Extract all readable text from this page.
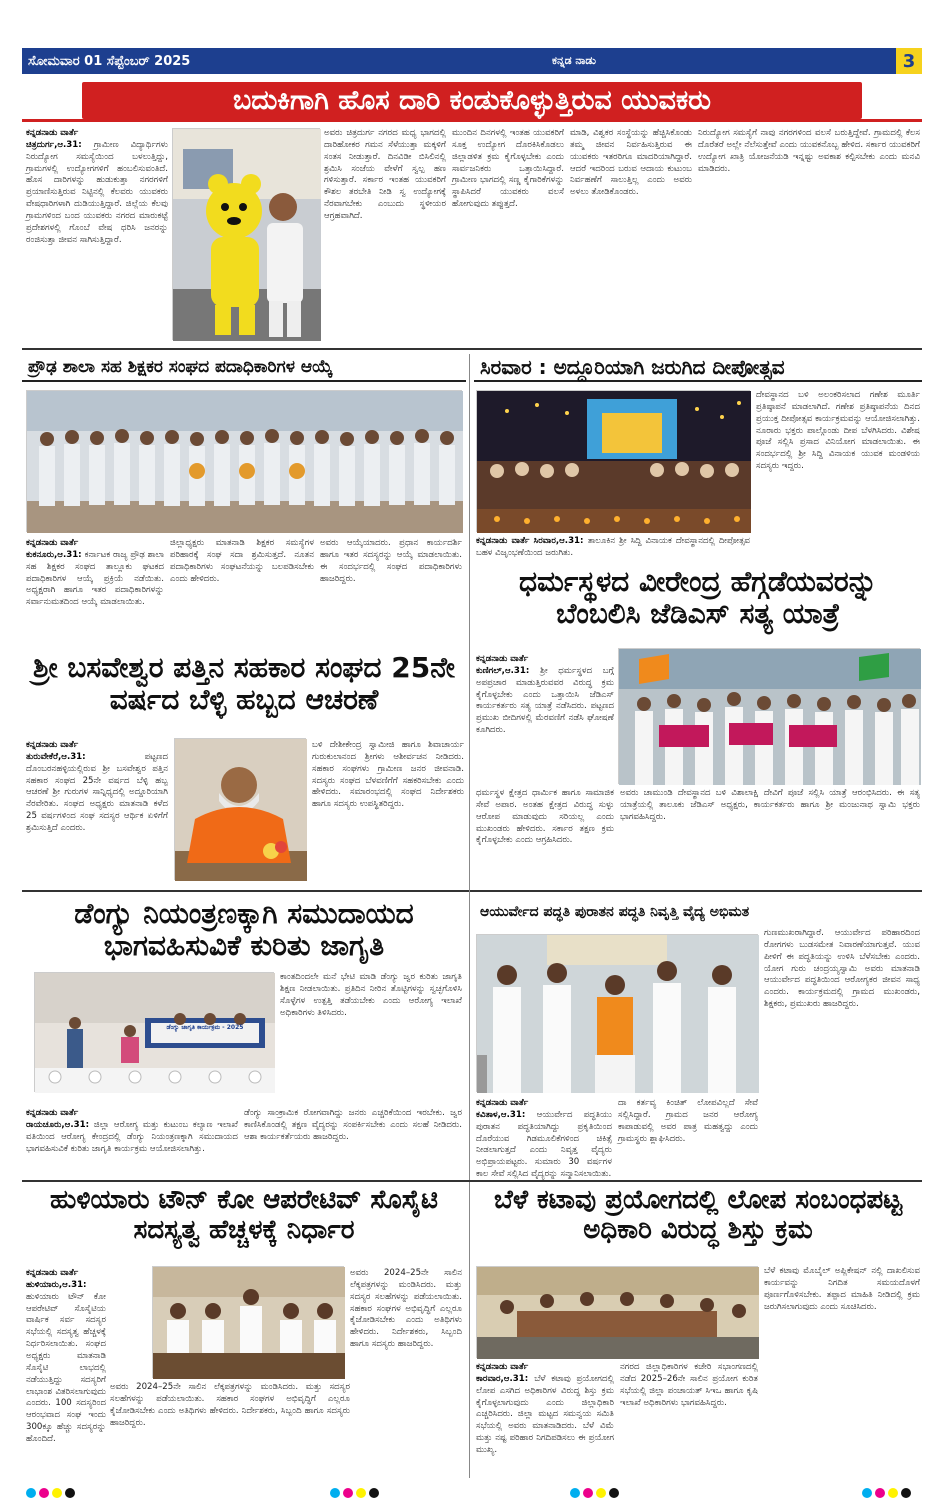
ಸೋಮವಾರ 01 ಸೆಪ್ಟೆಂಬರ್ 2025	ಕನ್ನಡ ನಾಡು	3
ಬದುಕಿಗಾಗಿ ಹೊಸ ದಾರಿ ಕಂಡುಕೊಳ್ಳುತ್ತಿರುವ ಯುವಕರು
ಕನ್ನಡನಾಡು ವಾರ್ತೆ
ಚಿತ್ರದುರ್ಗ,ಆ.31: ಗ್ರಾಮೀಣ ವಿದ್ಯಾರ್ಥಿಗಳು ನಿರುದ್ಯೋಗ ಸಮಸ್ಯೆಯಿಂದ ಬಳಲುತ್ತಿದ್ದು, ಗ್ರಾಮಗಳಲ್ಲಿ ಉದ್ಯೋಗಗಳಿಗೆ ಹಂಬಲಿಸುವಂತಿದೆ. ಹೊಸ ದಾರಿಗಳನ್ನು ಹುಡುಕುತ್ತಾ ನಗರಗಳಿಗೆ ಪ್ರಯಾಣಿಸುತ್ತಿರುವ ನಿಟ್ಟಿನಲ್ಲಿ ಕೆಲವರು ಯುವಕರು ವೇಷಧಾರಿಗಳಾಗಿ ದುಡಿಯುತ್ತಿದ್ದಾರೆ. ಜಿಲ್ಲೆಯ ಕೆಲವು ಗ್ರಾಮಗಳಿಂದ ಬಂದ ಯುವಕರು ನಗರದ ಮಾರುಕಟ್ಟೆ ಪ್ರದೇಶಗಳಲ್ಲಿ ಗೊಂಬೆ ವೇಷ ಧರಿಸಿ ಜನರನ್ನು ರಂಜಿಸುತ್ತಾ ಜೀವನ ಸಾಗಿಸುತ್ತಿದ್ದಾರೆ.
ಅವರು ಚಿತ್ರದುರ್ಗ ನಗರದ ಮಧ್ಯ ಭಾಗದಲ್ಲಿ ದಾರಿಹೋಕರ ಗಮನ ಸೆಳೆಯುತ್ತಾ ಮಕ್ಕಳಿಗೆ ಸಂತಸ ನೀಡುತ್ತಾರೆ. ದಿನವಿಡೀ ಬಿಸಿಲಿನಲ್ಲಿ ಶ್ರಮಿಸಿ ಸಂಜೆಯ ವೇಳೆಗೆ ಸ್ವಲ್ಪ ಹಣ ಗಳಿಸುತ್ತಾರೆ. ಸರ್ಕಾರ ಇಂತಹ ಯುವಕರಿಗೆ ಕೌಶಲ ತರಬೇತಿ ನೀಡಿ ಸ್ವ ಉದ್ಯೋಗಕ್ಕೆ ನೆರವಾಗಬೇಕು ಎಂಬುದು ಸ್ಥಳೀಯರ ಆಗ್ರಹವಾಗಿದೆ.
ಮುಂದಿನ ದಿನಗಳಲ್ಲಿ ಇಂತಹ ಯುವಕರಿಗೆ ಸೂಕ್ತ ಉದ್ಯೋಗ ದೊರಕಿಸಿಕೊಡಲು ಜಿಲ್ಲಾಡಳಿತ ಕ್ರಮ ಕೈಗೊಳ್ಳಬೇಕು ಎಂದು ಸಾರ್ವಜನಿಕರು ಒತ್ತಾಯಿಸಿದ್ದಾರೆ. ಗ್ರಾಮೀಣ ಭಾಗದಲ್ಲಿ ಸಣ್ಣ ಕೈಗಾರಿಕೆಗಳನ್ನು ಸ್ಥಾಪಿಸಿದರೆ ಯುವಕರು ವಲಸೆ ಹೋಗುವುದು ತಪ್ಪುತ್ತದೆ.
ಮಾಡಿ, ವಿಶ್ವಕರ ಸಂಸ್ಥೆಯನ್ನು ಹೆಚ್ಚಿಸಿಕೊಂಡು ತಮ್ಮ ಜೀವನ ನಿರ್ವಹಿಸುತ್ತಿರುವ ಈ ಯುವಕರು ಇತರರಿಗೂ ಮಾದರಿಯಾಗಿದ್ದಾರೆ. ಆದರೆ ಇದರಿಂದ ಬರುವ ಆದಾಯ ಕುಟುಂಬ ನಿರ್ವಹಣೆಗೆ ಸಾಲುತ್ತಿಲ್ಲ ಎಂದು ಅವರು ಅಳಲು ತೋಡಿಕೊಂಡರು.
ನಿರುದ್ಯೋಗ ಸಮಸ್ಯೆಗೆ ನಾವು ನಗರಗಳಿಂದ ವಲಸೆ ಬರುತ್ತಿದ್ದೇವೆ. ಗ್ರಾಮದಲ್ಲಿ ಕೆಲಸ ದೊರೆತರೆ ಅಲ್ಲೇ ನೆಲೆಸುತ್ತೇವೆ ಎಂದು ಯುವಕನೊಬ್ಬ ಹೇಳಿದ. ಸರ್ಕಾರ ಯುವಕರಿಗೆ ಉದ್ಯೋಗ ಖಾತ್ರಿ ಯೋಜನೆಯಡಿ ಇನ್ನಷ್ಟು ಅವಕಾಶ ಕಲ್ಪಿಸಬೇಕು ಎಂದು ಮನವಿ ಮಾಡಿದರು.
ಪ್ರೌಢ ಶಾಲಾ ಸಹ ಶಿಕ್ಷಕರ ಸಂಘದ ಪದಾಧಿಕಾರಿಗಳ ಆಯ್ಕೆ
ಕನ್ನಡನಾಡು ವಾರ್ತೆ
ಕುಕನೂರು,ಆ.31: ಕರ್ನಾಟಕ ರಾಜ್ಯ ಪ್ರೌಢ ಶಾಲಾ ಸಹ ಶಿಕ್ಷಕರ ಸಂಘದ ತಾಲ್ಲೂಕು ಘಟಕದ ಪದಾಧಿಕಾರಿಗಳ ಆಯ್ಕೆ ಪ್ರಕ್ರಿಯೆ ನಡೆಯಿತು. ಅಧ್ಯಕ್ಷರಾಗಿ ಹಾಗೂ ಇತರ ಪದಾಧಿಕಾರಿಗಳನ್ನು ಸರ್ವಾನುಮತದಿಂದ ಆಯ್ಕೆ ಮಾಡಲಾಯಿತು.
ಜಿಲ್ಲಾಧ್ಯಕ್ಷರು ಮಾತನಾಡಿ ಶಿಕ್ಷಕರ ಸಮಸ್ಯೆಗಳ ಪರಿಹಾರಕ್ಕೆ ಸಂಘ ಸದಾ ಶ್ರಮಿಸುತ್ತದೆ. ನೂತನ ಪದಾಧಿಕಾರಿಗಳು ಸಂಘಟನೆಯನ್ನು ಬಲಪಡಿಸಬೇಕು ಎಂದು ಹೇಳಿದರು.
ಅವರು ಆಯ್ಕೆಯಾದರು. ಪ್ರಧಾನ ಕಾರ್ಯದರ್ಶಿ ಹಾಗೂ ಇತರ ಸದಸ್ಯರನ್ನು ಆಯ್ಕೆ ಮಾಡಲಾಯಿತು. ಈ ಸಂದರ್ಭದಲ್ಲಿ ಸಂಘದ ಪದಾಧಿಕಾರಿಗಳು ಹಾಜರಿದ್ದರು.
ಸಿರವಾರ : ಅದ್ದೂರಿಯಾಗಿ ಜರುಗಿದ ದೀಪೋತ್ಸವ
ದೇವಸ್ಥಾನದ ಬಳಿ ಅಲಂಕರಿಸಲಾದ ಗಣೇಶ ಮೂರ್ತಿ ಪ್ರತಿಷ್ಠಾಪನೆ ಮಾಡಲಾಗಿದೆ. ಗಣೇಶ ಪ್ರತಿಷ್ಠಾಪನೆಯ ದಿನದ ಪ್ರಯುಕ್ತ ದೀಪೋತ್ಸವ ಕಾರ್ಯಕ್ರಮವನ್ನು ಆಯೋಜಿಸಲಾಗಿತ್ತು. ನೂರಾರು ಭಕ್ತರು ಪಾಲ್ಗೊಂಡು ದೀಪ ಬೆಳಗಿಸಿದರು. ವಿಶೇಷ ಪೂಜೆ ಸಲ್ಲಿಸಿ ಪ್ರಸಾದ ವಿನಿಯೋಗ ಮಾಡಲಾಯಿತು. ಈ ಸಂದರ್ಭದಲ್ಲಿ ಶ್ರೀ ಸಿದ್ದಿ ವಿನಾಯಕ ಯುವಕ ಮಂಡಳಿಯ ಸದಸ್ಯರು ಇದ್ದರು.
ಕನ್ನಡನಾಡು ವಾರ್ತೆ ಸಿರವಾರ,ಆ.31: ತಾಲೂಕಿನ ಶ್ರೀ ಸಿದ್ದಿ ವಿನಾಯಕ ದೇವಸ್ಥಾನದಲ್ಲಿ ದೀಪೋತ್ಸವ ಬಹಳ ವಿಜೃಂಭಣೆಯಿಂದ ಜರುಗಿತು.
ಧರ್ಮಸ್ಥಳದ ವೀರೇಂದ್ರ ಹೆಗ್ಗಡೆಯವರನ್ನು ಬೆಂಬಲಿಸಿ ಜೆಡಿಎಸ್ ಸತ್ಯ ಯಾತ್ರೆ
ಕನ್ನಡನಾಡು ವಾರ್ತೆ
ಕುಣಿಗಲ್,ಆ.31: ಶ್ರೀ ಧರ್ಮಸ್ಥಳದ ಬಗ್ಗೆ ಅಪಪ್ರಚಾರ ಮಾಡುತ್ತಿರುವವರ ವಿರುದ್ಧ ಕ್ರಮ ಕೈಗೊಳ್ಳಬೇಕು ಎಂದು ಒತ್ತಾಯಿಸಿ ಜೆಡಿಎಸ್ ಕಾರ್ಯಕರ್ತರು ಸತ್ಯ ಯಾತ್ರೆ ನಡೆಸಿದರು. ಪಟ್ಟಣದ ಪ್ರಮುಖ ಬೀದಿಗಳಲ್ಲಿ ಮೆರವಣಿಗೆ ನಡೆಸಿ ಘೋಷಣೆ ಕೂಗಿದರು.
ಧರ್ಮಸ್ಥಳ ಕ್ಷೇತ್ರದ ಧಾರ್ಮಿಕ ಹಾಗೂ ಸಾಮಾಜಿಕ ಸೇವೆ ಅಪಾರ. ಅಂತಹ ಕ್ಷೇತ್ರದ ವಿರುದ್ಧ ಸುಳ್ಳು ಆರೋಪ ಮಾಡುವುದು ಸರಿಯಲ್ಲ ಎಂದು ಮುಖಂಡರು ಹೇಳಿದರು. ಸರ್ಕಾರ ತಕ್ಷಣ ಕ್ರಮ ಕೈಗೊಳ್ಳಬೇಕು ಎಂದು ಆಗ್ರಹಿಸಿದರು.
ಅವರು ಚಾಮುಂಡಿ ದೇವಸ್ಥಾನದ ಬಳಿ ವಿಶಾಲಾಕ್ಷಿ ದೇವಿಗೆ ಪೂಜೆ ಸಲ್ಲಿಸಿ ಯಾತ್ರೆ ಆರಂಭಿಸಿದರು. ಈ ಸತ್ಯ ಯಾತ್ರೆಯಲ್ಲಿ ತಾಲೂಕು ಜೆಡಿಎಸ್ ಅಧ್ಯಕ್ಷರು, ಕಾರ್ಯಕರ್ತರು ಹಾಗೂ ಶ್ರೀ ಮಂಜುನಾಥ ಸ್ವಾಮಿ ಭಕ್ತರು ಭಾಗವಹಿಸಿದ್ದರು.
ಶ್ರೀ ಬಸವೇಶ್ವರ ಪತ್ತಿನ ಸಹಕಾರ ಸಂಘದ 25ನೇ ವರ್ಷದ ಬೆಳ್ಳಿ ಹಬ್ಬದ ಆಚರಣೆ
ಕನ್ನಡನಾಡು ವಾರ್ತೆ
ತುರುವೇಕೆರೆ,ಆ.31: ಪಟ್ಟಣದ ದೊಂಬರನಹಳ್ಳಿಯಲ್ಲಿರುವ ಶ್ರೀ ಬಸವೇಶ್ವರ ಪತ್ತಿನ ಸಹಕಾರ ಸಂಘದ 25ನೇ ವರ್ಷದ ಬೆಳ್ಳಿ ಹಬ್ಬ ಆಚರಣೆ ಶ್ರೀ ಗುರುಗಳ ಸಾನ್ನಿಧ್ಯದಲ್ಲಿ ಅದ್ದೂರಿಯಾಗಿ ನೆರವೇರಿತು. ಸಂಘದ ಅಧ್ಯಕ್ಷರು ಮಾತನಾಡಿ ಕಳೆದ 25 ವರ್ಷಗಳಿಂದ ಸಂಘ ಸದಸ್ಯರ ಆರ್ಥಿಕ ಏಳಿಗೆಗೆ ಶ್ರಮಿಸುತ್ತಿದೆ ಎಂದರು.
ಬಳಿ ದೇಶೀಕೇಂದ್ರ ಸ್ವಾಮೀಜಿ ಹಾಗೂ ಶಿವಾಚಾರ್ಯ ಗುರುಕುಲಾನಂದ ಶ್ರೀಗಳು ಆಶೀರ್ವಚನ ನೀಡಿದರು. ಸಹಕಾರ ಸಂಘಗಳು ಗ್ರಾಮೀಣ ಜನರ ಜೀವನಾಡಿ. ಸದಸ್ಯರು ಸಂಘದ ಬೆಳವಣಿಗೆಗೆ ಸಹಕರಿಸಬೇಕು ಎಂದು ಹೇಳಿದರು. ಸಮಾರಂಭದಲ್ಲಿ ಸಂಘದ ನಿರ್ದೇಶಕರು ಹಾಗೂ ಸದಸ್ಯರು ಉಪಸ್ಥಿತರಿದ್ದರು.
ಡೆಂಗ್ಯು ನಿಯಂತ್ರಣಕ್ಕಾಗಿ ಸಮುದಾಯದ ಭಾಗವಹಿಸುವಿಕೆ ಕುರಿತು ಜಾಗೃತಿ
ಡೆಂಗ್ಯು ಜಾಗೃತಿ ಕಾರ್ಯಕ್ರಮ - 2025
ಕಾಂತದಿಂದಲೇ ಮನೆ ಭೇಟಿ ಮಾಡಿ ಡೆಂಗ್ಯು ಜ್ವರ ಕುರಿತು ಜಾಗೃತಿ ಶಿಕ್ಷಣ ನೀಡಲಾಯಿತು. ಪ್ರತಿದಿನ ನೀರಿನ ತೊಟ್ಟಿಗಳನ್ನು ಸ್ವಚ್ಛಗೊಳಿಸಿ ಸೊಳ್ಳೆಗಳ ಉತ್ಪತ್ತಿ ತಡೆಯಬೇಕು ಎಂದು ಆರೋಗ್ಯ ಇಲಾಖೆ ಅಧಿಕಾರಿಗಳು ತಿಳಿಸಿದರು.
ಕನ್ನಡನಾಡು ವಾರ್ತೆ
ರಾಯಚೂರು,ಆ.31: ಜಿಲ್ಲಾ ಆರೋಗ್ಯ ಮತ್ತು ಕುಟುಂಬ ಕಲ್ಯಾಣ ಇಲಾಖೆ ವತಿಯಿಂದ ಆರೋಗ್ಯ ಕೇಂದ್ರದಲ್ಲಿ ಡೆಂಗ್ಯು ನಿಯಂತ್ರಣಕ್ಕಾಗಿ ಸಮುದಾಯದ ಭಾಗವಹಿಸುವಿಕೆ ಕುರಿತು ಜಾಗೃತಿ ಕಾರ್ಯಕ್ರಮ ಆಯೋಜಿಸಲಾಗಿತ್ತು.
ಡೆಂಗ್ಯು ಸಾಂಕ್ರಾಮಿಕ ರೋಗವಾಗಿದ್ದು ಜನರು ಎಚ್ಚರಿಕೆಯಿಂದ ಇರಬೇಕು. ಜ್ವರ ಕಾಣಿಸಿಕೊಂಡಲ್ಲಿ ತಕ್ಷಣ ವೈದ್ಯರನ್ನು ಸಂಪರ್ಕಿಸಬೇಕು ಎಂದು ಸಲಹೆ ನೀಡಿದರು. ಆಶಾ ಕಾರ್ಯಕರ್ತೆಯರು ಹಾಜರಿದ್ದರು.
ಆಯುರ್ವೇದ ಪದ್ಧತಿ ಪುರಾತನ ಪದ್ಧತಿ ನಿವೃತ್ತಿ ವೈದ್ಯ ಅಭಿಮತ
ಗುಣಮುಖರಾಗಿದ್ದಾರೆ. ಆಯುರ್ವೇದ ಪರಿಹಾರದಿಂದ ರೋಗಗಳು ಬುಡಸಮೇತ ನಿವಾರಣೆಯಾಗುತ್ತವೆ. ಯುವ ಪೀಳಿಗೆ ಈ ಪದ್ಧತಿಯನ್ನು ಉಳಿಸಿ ಬೆಳೆಸಬೇಕು ಎಂದರು. ಯೋಗ ಗುರು ಚಂದ್ರಯ್ಯಸ್ವಾಮಿ ಅವರು ಮಾತನಾಡಿ ಆಯುರ್ವೇದ ಪದ್ಧತಿಯಿಂದ ಆರೋಗ್ಯಕರ ಜೀವನ ಸಾಧ್ಯ ಎಂದರು. ಕಾರ್ಯಕ್ರಮದಲ್ಲಿ ಗ್ರಾಮದ ಮುಖಂಡರು, ಶಿಕ್ಷಕರು, ಪ್ರಮುಖರು ಹಾಜರಿದ್ದರು.
ಕನ್ನಡನಾಡು ವಾರ್ತೆ
ಕವಿತಾಳ,ಆ.31: ಆಯುರ್ವೇದ ಪದ್ಧತಿಯು ಪುರಾತನ ಪದ್ಧತಿಯಾಗಿದ್ದು ಪ್ರಕೃತಿಯಿಂದ ದೊರೆಯುವ ಗಿಡಮೂಲಿಕೆಗಳಿಂದ ಚಿಕಿತ್ಸೆ ನೀಡಲಾಗುತ್ತದೆ ಎಂದು ನಿವೃತ್ತ ವೈದ್ಯರು ಅಭಿಪ್ರಾಯಪಟ್ಟರು. ಸುಮಾರು 30 ವರ್ಷಗಳ ಕಾಲ ಸೇವೆ ಸಲ್ಲಿಸಿದ ವೈದ್ಯರನ್ನು ಸನ್ಮಾನಿಸಲಾಯಿತು.
ದಾ ಕರ್ತವ್ಯ ಕಿಂಚಿತ್ ಲೋಪವಿಲ್ಲದೆ ಸೇವೆ ಸಲ್ಲಿಸಿದ್ದಾರೆ. ಗ್ರಾಮದ ಜನರ ಆರೋಗ್ಯ ಕಾಪಾಡುವಲ್ಲಿ ಅವರ ಪಾತ್ರ ಮಹತ್ವದ್ದು ಎಂದು ಗ್ರಾಮಸ್ಥರು ಶ್ಲಾಘಿಸಿದರು.
ಹುಳಿಯಾರು ಟೌನ್ ಕೋ ಆಪರೇಟಿವ್ ಸೊಸೈಟಿ ಸದಸ್ಯತ್ವ ಹೆಚ್ಚಳಕ್ಕೆ ನಿರ್ಧಾರ
ಕನ್ನಡನಾಡು ವಾರ್ತೆ
ಹುಳಿಯಾರು,ಆ.31: ಹುಳಿಯಾರು ಟೌನ್ ಕೋ ಆಪರೇಟಿವ್ ಸೊಸೈಟಿಯ ವಾರ್ಷಿಕ ಸರ್ವ ಸದಸ್ಯರ ಸಭೆಯಲ್ಲಿ ಸದಸ್ಯತ್ವ ಹೆಚ್ಚಳಕ್ಕೆ ನಿರ್ಧರಿಸಲಾಯಿತು. ಸಂಘದ ಅಧ್ಯಕ್ಷರು ಮಾತನಾಡಿ ಸೊಸೈಟಿ ಲಾಭದಲ್ಲಿ ನಡೆಯುತ್ತಿದ್ದು ಸದಸ್ಯರಿಗೆ ಲಾಭಾಂಶ ವಿತರಿಸಲಾಗುವುದು ಎಂದರು. 100 ಸದಸ್ಯರಿಂದ ಆರಂಭವಾದ ಸಂಘ ಇಂದು 300ಕ್ಕೂ ಹೆಚ್ಚು ಸದಸ್ಯರನ್ನು ಹೊಂದಿದೆ.
ಅವರು 2024–25ನೇ ಸಾಲಿನ ಲೆಕ್ಕಪತ್ರಗಳನ್ನು ಮಂಡಿಸಿದರು. ಮತ್ತು ಸದಸ್ಯರ ಸಲಹೆಗಳನ್ನು ಪಡೆಯಲಾಯಿತು. ಸಹಕಾರ ಸಂಘಗಳ ಅಭಿವೃದ್ಧಿಗೆ ಎಲ್ಲರೂ ಕೈಜೋಡಿಸಬೇಕು ಎಂದು ಅತಿಥಿಗಳು ಹೇಳಿದರು. ನಿರ್ದೇಶಕರು, ಸಿಬ್ಬಂದಿ ಹಾಗೂ ಸದಸ್ಯರು ಹಾಜರಿದ್ದರು.
ಅವರು 2024–25ನೇ ಸಾಲಿನ ಲೆಕ್ಕಪತ್ರಗಳನ್ನು ಮಂಡಿಸಿದರು. ಮತ್ತು ಸದಸ್ಯರ ಸಲಹೆಗಳನ್ನು ಪಡೆಯಲಾಯಿತು. ಸಹಕಾರ ಸಂಘಗಳ ಅಭಿವೃದ್ಧಿಗೆ ಎಲ್ಲರೂ ಕೈಜೋಡಿಸಬೇಕು ಎಂದು ಅತಿಥಿಗಳು ಹೇಳಿದರು. ನಿರ್ದೇಶಕರು, ಸಿಬ್ಬಂದಿ ಹಾಗೂ ಸದಸ್ಯರು ಹಾಜರಿದ್ದರು.
ಬೆಳೆ ಕಟಾವು ಪ್ರಯೋಗದಲ್ಲಿ ಲೋಪ ಸಂಬಂಧಪಟ್ಟ ಅಧಿಕಾರಿ ವಿರುದ್ಧ ಶಿಸ್ತು ಕ್ರಮ
ಬೆಳೆ ಕಟಾವು ಮೊಬೈಲ್ ಅಪ್ಲಿಕೇಷನ್ ನಲ್ಲಿ ದಾಖಲಿಸುವ ಕಾರ್ಯವನ್ನು ನಿಗದಿತ ಸಮಯದೊಳಗೆ ಪೂರ್ಣಗೊಳಿಸಬೇಕು. ತಪ್ಪಾದ ಮಾಹಿತಿ ನೀಡಿದಲ್ಲಿ ಕ್ರಮ ಜರುಗಿಸಲಾಗುವುದು ಎಂದು ಸೂಚಿಸಿದರು.
ಕನ್ನಡನಾಡು ವಾರ್ತೆ
ಕಾರವಾರ,ಆ.31: ಬೆಳೆ ಕಟಾವು ಪ್ರಯೋಗದಲ್ಲಿ ಲೋಪ ಎಸಗಿದ ಅಧಿಕಾರಿಗಳ ವಿರುದ್ಧ ಶಿಸ್ತು ಕ್ರಮ ಕೈಗೊಳ್ಳಲಾಗುವುದು ಎಂದು ಜಿಲ್ಲಾಧಿಕಾರಿ ಎಚ್ಚರಿಸಿದರು. ಜಿಲ್ಲಾ ಮಟ್ಟದ ಸಮನ್ವಯ ಸಮಿತಿ ಸಭೆಯಲ್ಲಿ ಅವರು ಮಾತನಾಡಿದರು. ಬೆಳೆ ವಿಮೆ ಮತ್ತು ನಷ್ಟ ಪರಿಹಾರ ನಿಗದಿಪಡಿಸಲು ಈ ಪ್ರಯೋಗ ಮುಖ್ಯ.
ನಗರದ ಜಿಲ್ಲಾಧಿಕಾರಿಗಳ ಕಚೇರಿ ಸಭಾಂಗಣದಲ್ಲಿ ನಡೆದ 2025–26ನೇ ಸಾಲಿನ ಪ್ರಯೋಗ ಕುರಿತ ಸಭೆಯಲ್ಲಿ ಜಿಲ್ಲಾ ಪಂಚಾಯತ್ ಸಿಇಒ ಹಾಗೂ ಕೃಷಿ ಇಲಾಖೆ ಅಧಿಕಾರಿಗಳು ಭಾಗವಹಿಸಿದ್ದರು.
